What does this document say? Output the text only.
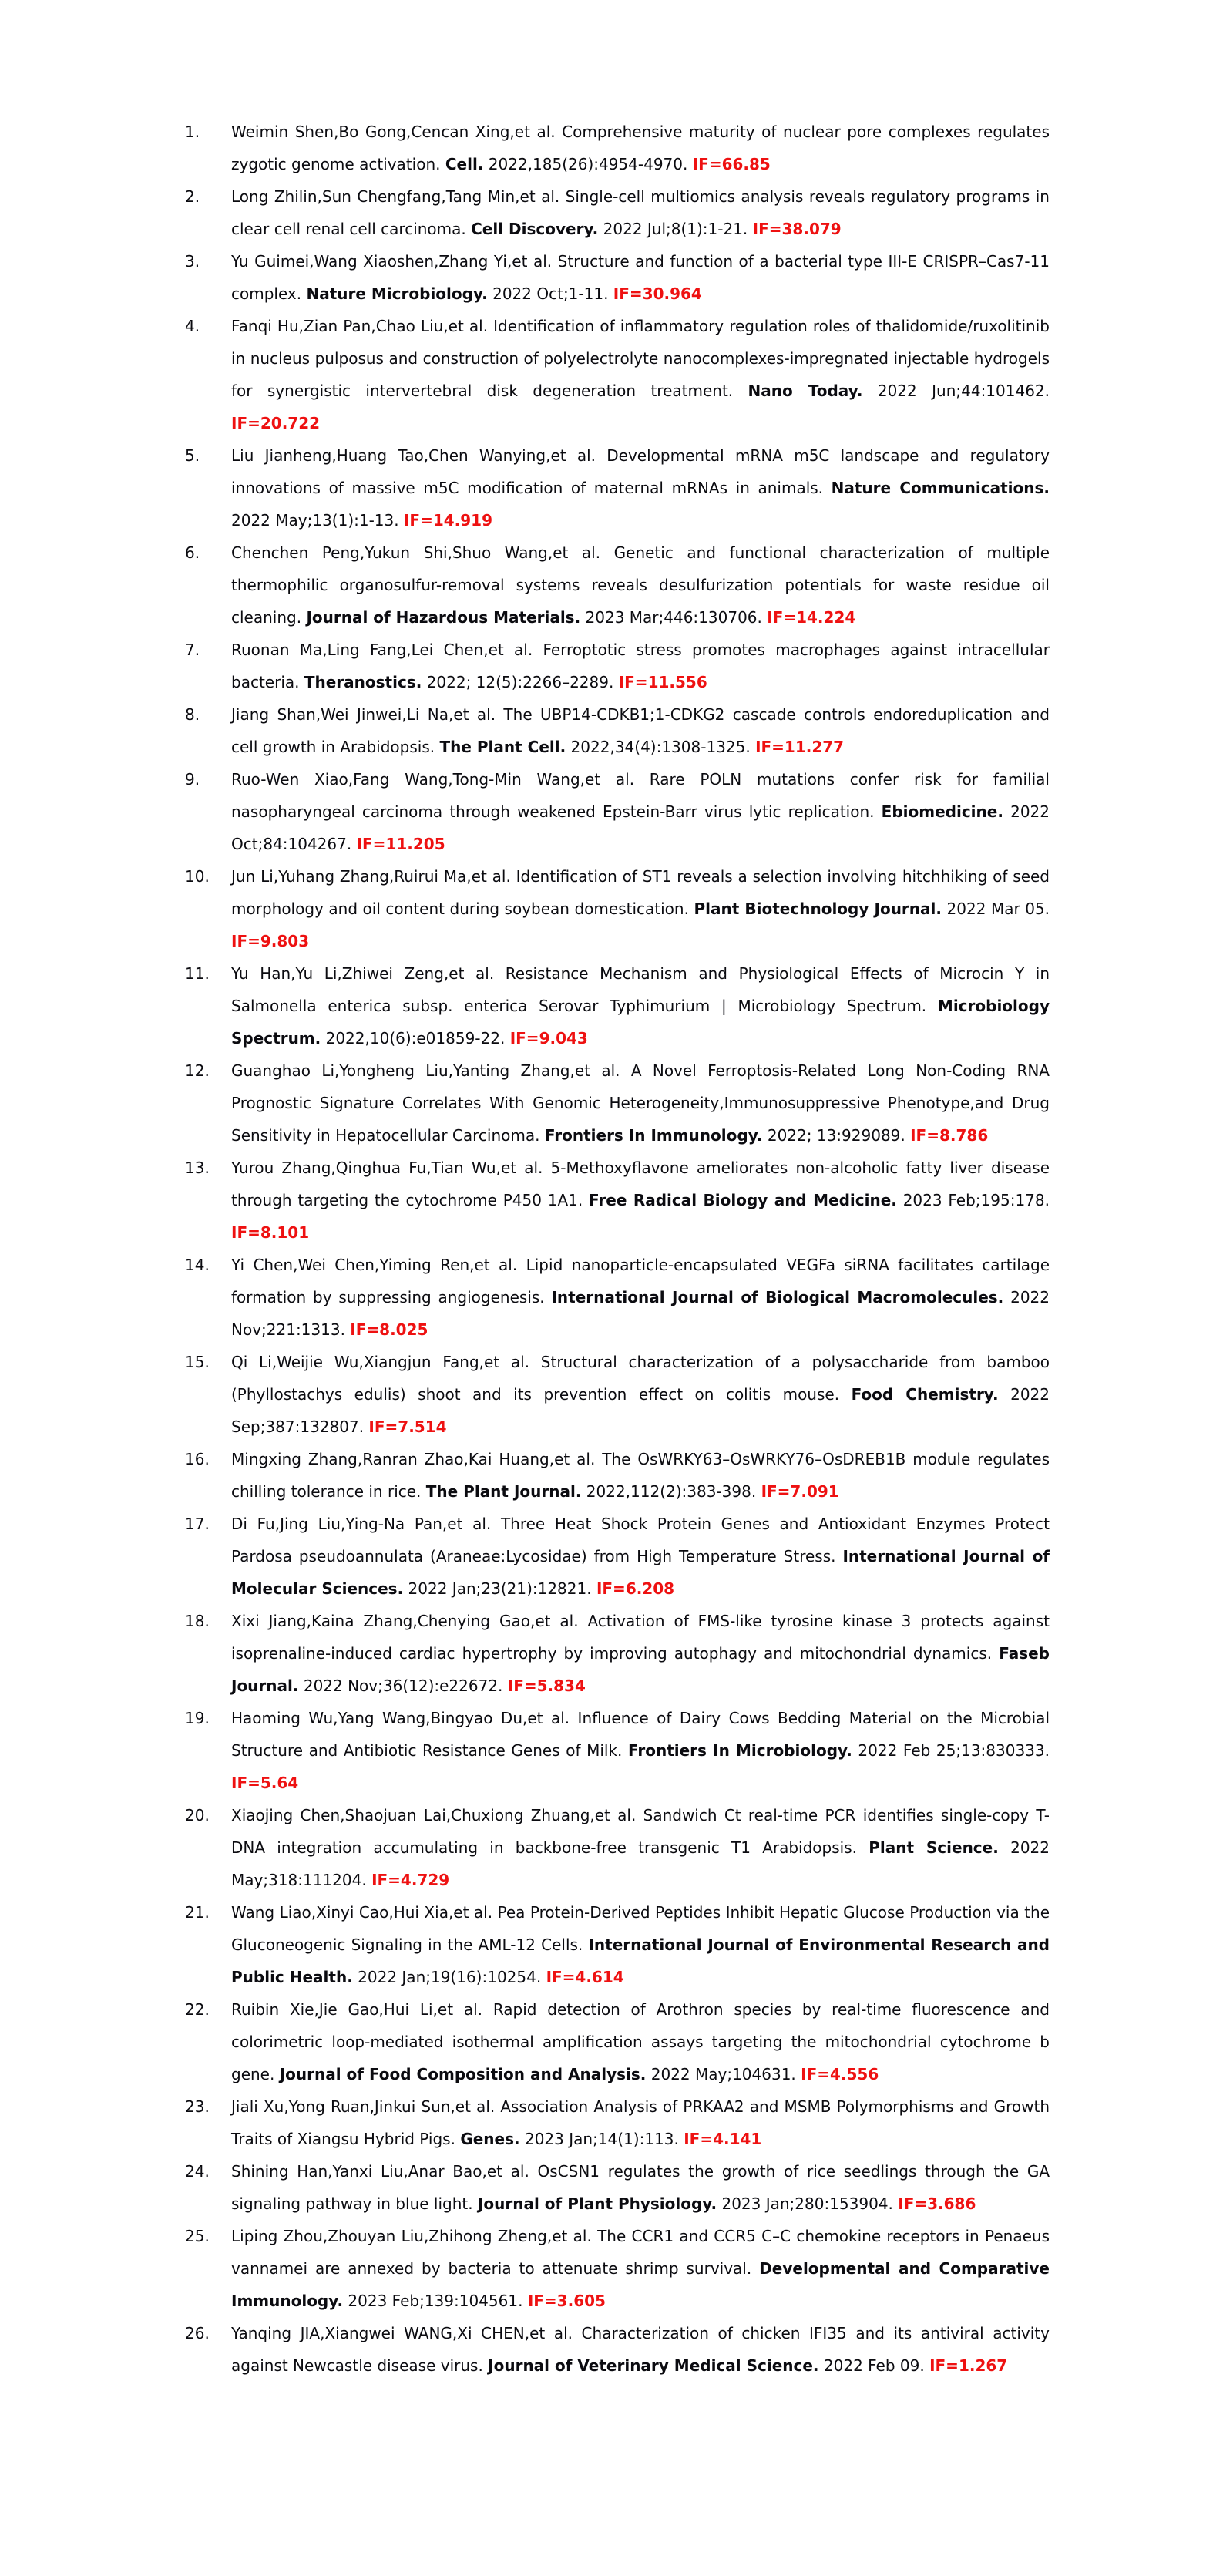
1.	Weimin Shen,Bo Gong,Cencan Xing,et al. Comprehensive maturity of nuclear pore complexes regulates zygotic genome activation. Cell. 2022,185(26):4954-4970. IF=66.85

2.	Long Zhilin,Sun Chengfang,Tang Min,et al. Single-cell multiomics analysis reveals regulatory programs in clear cell renal cell carcinoma. Cell Discovery. 2022 Jul;8(1):1-21. IF=38.079

3.	Yu Guimei,Wang Xiaoshen,Zhang Yi,et al. Structure and function of a bacterial type III-E CRISPR–Cas7-11 complex. Nature Microbiology. 2022 Oct;1-11. IF=30.964

4.	Fanqi Hu,Zian Pan,Chao Liu,et al. Identification of inflammatory regulation roles of thalidomide/ruxolitinib in nucleus pulposus and construction of polyelectrolyte nanocomplexes-impregnated injectable hydrogels for synergistic intervertebral disk degeneration treatment. Nano Today. 2022 Jun;44:101462. IF=20.722

5.	Liu Jianheng,Huang Tao,Chen Wanying,et al. Developmental mRNA m5C landscape and regulatory innovations of massive m5C modification of maternal mRNAs in animals. Nature Communications. 2022 May;13(1):1-13. IF=14.919

6.	Chenchen Peng,Yukun Shi,Shuo Wang,et al. Genetic and functional characterization of multiple thermophilic organosulfur-removal systems reveals desulfurization potentials for waste residue oil cleaning. Journal of Hazardous Materials. 2023 Mar;446:130706. IF=14.224

7.	Ruonan Ma,Ling Fang,Lei Chen,et al. Ferroptotic stress promotes macrophages against intracellular bacteria. Theranostics. 2022; 12(5):2266–2289. IF=11.556

8.	Jiang Shan,Wei Jinwei,Li Na,et al. The UBP14-CDKB1;1-CDKG2 cascade controls endoreduplication and cell growth in Arabidopsis. The Plant Cell. 2022,34(4):1308-1325. IF=11.277

9.	Ruo-Wen Xiao,Fang Wang,Tong-Min Wang,et al. Rare POLN mutations confer risk for familial nasopharyngeal carcinoma through weakened Epstein-Barr virus lytic replication. Ebiomedicine. 2022 Oct;84:104267. IF=11.205

10.	Jun Li,Yuhang Zhang,Ruirui Ma,et al. Identification of ST1 reveals a selection involving hitchhiking of seed morphology and oil content during soybean domestication. Plant Biotechnology Journal. 2022 Mar 05. IF=9.803

11.	Yu Han,Yu Li,Zhiwei Zeng,et al. Resistance Mechanism and Physiological Effects of Microcin Y in Salmonella enterica subsp. enterica Serovar Typhimurium | Microbiology Spectrum. Microbiology Spectrum. 2022,10(6):e01859-22. IF=9.043

12.	Guanghao Li,Yongheng Liu,Yanting Zhang,et al. A Novel Ferroptosis-Related Long Non-Coding RNA Prognostic Signature Correlates With Genomic Heterogeneity,Immunosuppressive Phenotype,and Drug Sensitivity in Hepatocellular Carcinoma. Frontiers In Immunology. 2022; 13:929089. IF=8.786

13.	Yurou Zhang,Qinghua Fu,Tian Wu,et al. 5-Methoxyflavone ameliorates non-alcoholic fatty liver disease through targeting the cytochrome P450 1A1. Free Radical Biology and Medicine. 2023 Feb;195:178. IF=8.101

14.	Yi Chen,Wei Chen,Yiming Ren,et al. Lipid nanoparticle-encapsulated VEGFa siRNA facilitates cartilage formation by suppressing angiogenesis. International Journal of Biological Macromolecules. 2022 Nov;221:1313. IF=8.025

15.	Qi Li,Weijie Wu,Xiangjun Fang,et al. Structural characterization of a polysaccharide from bamboo (Phyllostachys edulis) shoot and its prevention effect on colitis mouse. Food Chemistry. 2022 Sep;387:132807. IF=7.514

16.	Mingxing Zhang,Ranran Zhao,Kai Huang,et al. The OsWRKY63–OsWRKY76–OsDREB1B module regulates chilling tolerance in rice. The Plant Journal. 2022,112(2):383-398. IF=7.091

17.	Di Fu,Jing Liu,Ying-Na Pan,et al. Three Heat Shock Protein Genes and Antioxidant Enzymes Protect Pardosa pseudoannulata (Araneae:Lycosidae) from High Temperature Stress. International Journal of Molecular Sciences. 2022 Jan;23(21):12821. IF=6.208

18.	Xixi Jiang,Kaina Zhang,Chenying Gao,et al. Activation of FMS-like tyrosine kinase 3 protects against isoprenaline-induced cardiac hypertrophy by improving autophagy and mitochondrial dynamics. Faseb Journal. 2022 Nov;36(12):e22672. IF=5.834

19.	Haoming Wu,Yang Wang,Bingyao Du,et al. Influence of Dairy Cows Bedding Material on the Microbial Structure and Antibiotic Resistance Genes of Milk. Frontiers In Microbiology. 2022 Feb 25;13:830333. IF=5.64

20.	Xiaojing Chen,Shaojuan Lai,Chuxiong Zhuang,et al. Sandwich Ct real-time PCR identifies single-copy T-DNA integration accumulating in backbone-free transgenic T1 Arabidopsis. Plant Science. 2022 May;318:111204. IF=4.729

21.	Wang Liao,Xinyi Cao,Hui Xia,et al. Pea Protein-Derived Peptides Inhibit Hepatic Glucose Production via the Gluconeogenic Signaling in the AML-12 Cells. International Journal of Environmental Research and Public Health. 2022 Jan;19(16):10254. IF=4.614

22.	Ruibin Xie,Jie Gao,Hui Li,et al. Rapid detection of Arothron species by real-time fluorescence and colorimetric loop-mediated isothermal amplification assays targeting the mitochondrial cytochrome b gene. Journal of Food Composition and Analysis. 2022 May;104631. IF=4.556

23.	Jiali Xu,Yong Ruan,Jinkui Sun,et al. Association Analysis of PRKAA2 and MSMB Polymorphisms and Growth Traits of Xiangsu Hybrid Pigs. Genes. 2023 Jan;14(1):113. IF=4.141

24.	Shining Han,Yanxi Liu,Anar Bao,et al. OsCSN1 regulates the growth of rice seedlings through the GA signaling pathway in blue light. Journal of Plant Physiology. 2023 Jan;280:153904. IF=3.686

25.	Liping Zhou,Zhouyan Liu,Zhihong Zheng,et al. The CCR1 and CCR5 C–C chemokine receptors in Penaeus vannamei are annexed by bacteria to attenuate shrimp survival. Developmental and Comparative Immunology. 2023 Feb;139:104561. IF=3.605

26.	Yanqing JIA,Xiangwei WANG,Xi CHEN,et al. Characterization of chicken IFI35 and its antiviral activity against Newcastle disease virus. Journal of Veterinary Medical Science. 2022 Feb 09. IF=1.267
